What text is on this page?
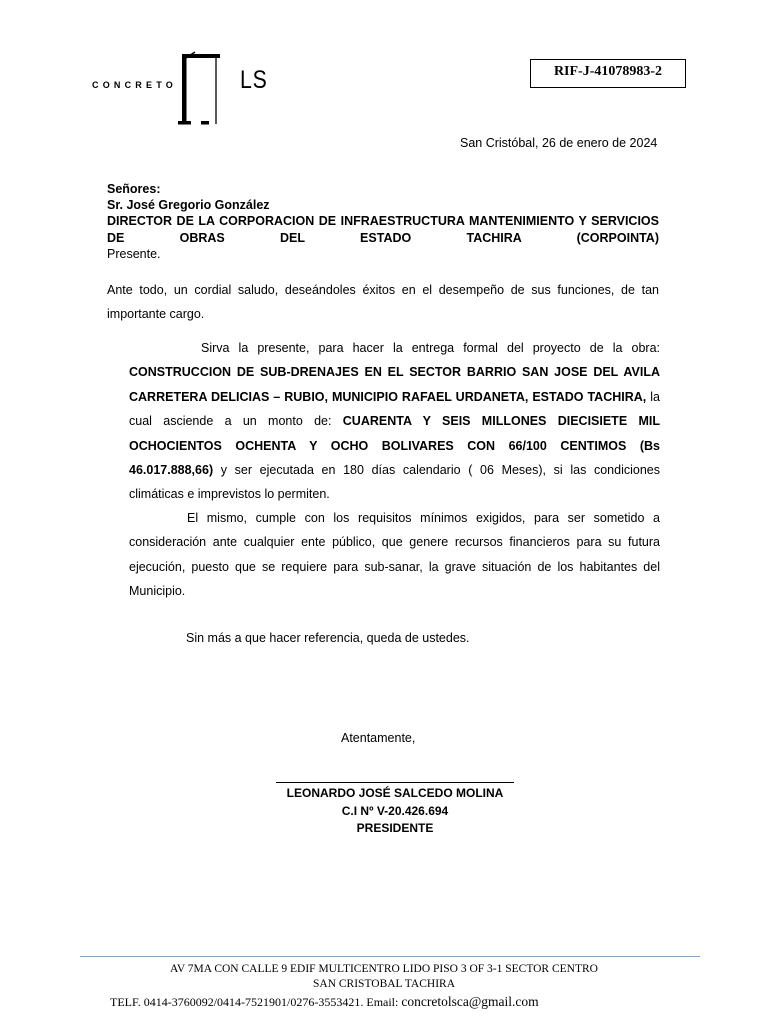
CONCRETO	LS	RIF-J-41078983-2
San Cristóbal, 26 de enero de 2024
Señores:
Sr. José Gregorio González
DIRECTOR DE LA CORPORACION DE INFRAESTRUCTURA MANTENIMIENTO Y SERVICIOS DE OBRAS DEL ESTADO TACHIRA (CORPOINTA)
Presente.
Ante todo, un cordial saludo, deseándoles éxitos en el desempeño de sus funciones, de tan importante cargo.
Sirva la presente, para hacer la entrega formal del proyecto de la obra: CONSTRUCCION DE SUB-DRENAJES EN EL SECTOR BARRIO SAN JOSE DEL AVILA CARRETERA DELICIAS – RUBIO, MUNICIPIO RAFAEL URDANETA, ESTADO TACHIRA, la cual asciende a un monto de: CUARENTA Y SEIS MILLONES DIECISIETE MIL OCHOCIENTOS OCHENTA Y OCHO BOLIVARES CON 66/100 CENTIMOS (Bs 46.017.888,66) y ser ejecutada en 180 días calendario ( 06 Meses), si las condiciones climáticas e imprevistos lo permiten.
El mismo, cumple con los requisitos mínimos exigidos, para ser sometido a consideración ante cualquier ente público, que genere recursos financieros para su futura ejecución, puesto que se requiere para sub-sanar, la grave situación de los habitantes del Municipio.
Sin más a que hacer referencia, queda de ustedes.
Atentamente,
LEONARDO JOSÉ SALCEDO MOLINA
C.I Nº V-20.426.694
PRESIDENTE
AV 7MA CON CALLE 9 EDIF MULTICENTRO LIDO PISO 3 OF 3-1 SECTOR CENTRO
SAN CRISTOBAL TACHIRA
TELF. 0414-3760092/0414-7521901/0276-3553421. Email: concretolsca@gmail.com
